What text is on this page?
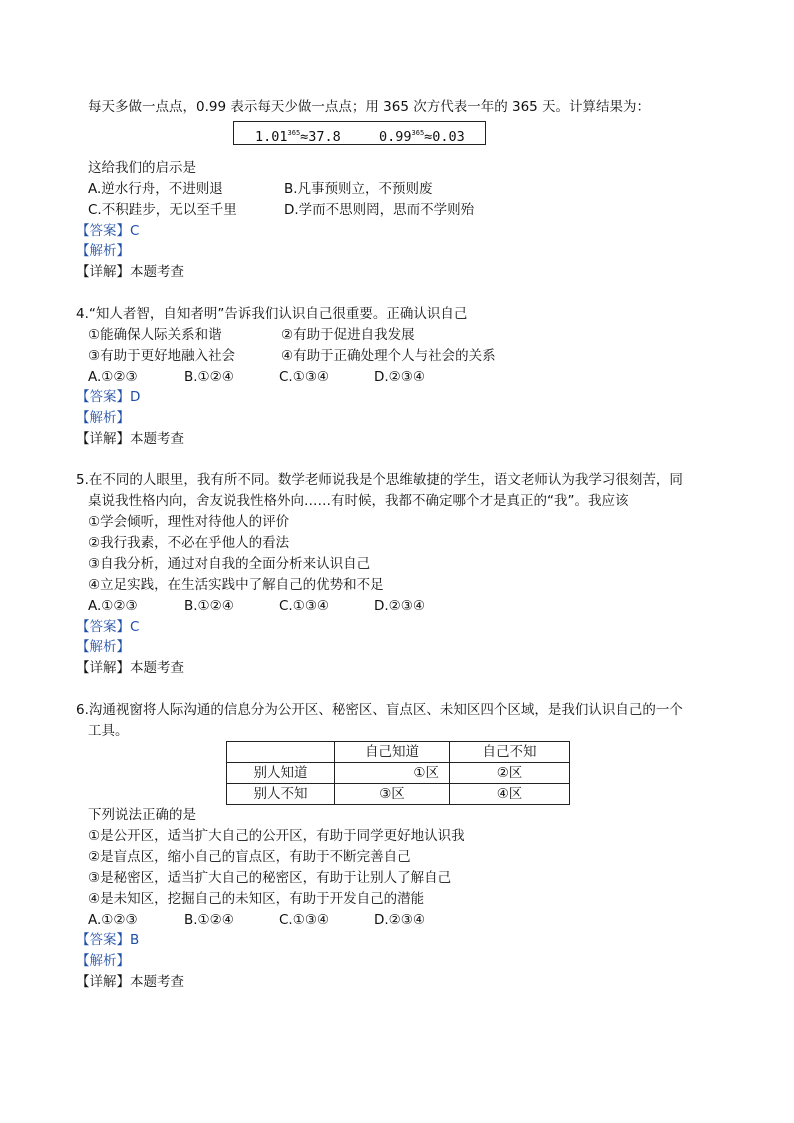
每天多做一点点，0.99 表示每天少做一点点；用 365 次方代表一年的 365 天。计算结果为：
$1.01^{365}\approx 37.8$	$0.99^{365}\approx 0.03$
这给我们的启示是
A.逆水行舟，不进则退	B.凡事预则立，不预则废
C.不积跬步，无以至千里	D.学而不思则罔，思而不学则殆
【答案】C
【解析】
【详解】本题考查
4.“知人者智，自知者明”告诉我们认识自己很重要。正确认识自己
①能确保人际关系和谐	②有助于促进自我发展
③有助于更好地融入社会	④有助于正确处理个人与社会的关系
A.①②③	B.①②④	C.①③④	D.②③④
【答案】D
【解析】
【详解】本题考查
5.在不同的人眼里，我有所不同。数学老师说我是个思维敏捷的学生，语文老师认为我学习很刻苦，同
桌说我性格内向，舍友说我性格外向……有时候，我都不确定哪个才是真正的“我”。我应该
①学会倾听，理性对待他人的评价
②我行我素，不必在乎他人的看法
③自我分析，通过对自我的全面分析来认识自己
④立足实践，在生活实践中了解自己的优势和不足
A.①②③	B.①②④	C.①③④	D.②③④
【答案】C
【解析】
【详解】本题考查
6.沟通视窗将人际沟通的信息分为公开区、秘密区、盲点区、未知区四个区域，是我们认识自己的一个
工具。
	自己知道	自己不知
别人知道	①区	②区
别人不知	③区	④区
下列说法正确的是
①是公开区，适当扩大自己的公开区，有助于同学更好地认识我
②是盲点区，缩小自己的盲点区，有助于不断完善自己
③是秘密区，适当扩大自己的秘密区，有助于让别人了解自己
④是未知区，挖掘自己的未知区，有助于开发自己的潜能
A.①②③	B.①②④	C.①③④	D.②③④
【答案】B
【解析】
【详解】本题考查
